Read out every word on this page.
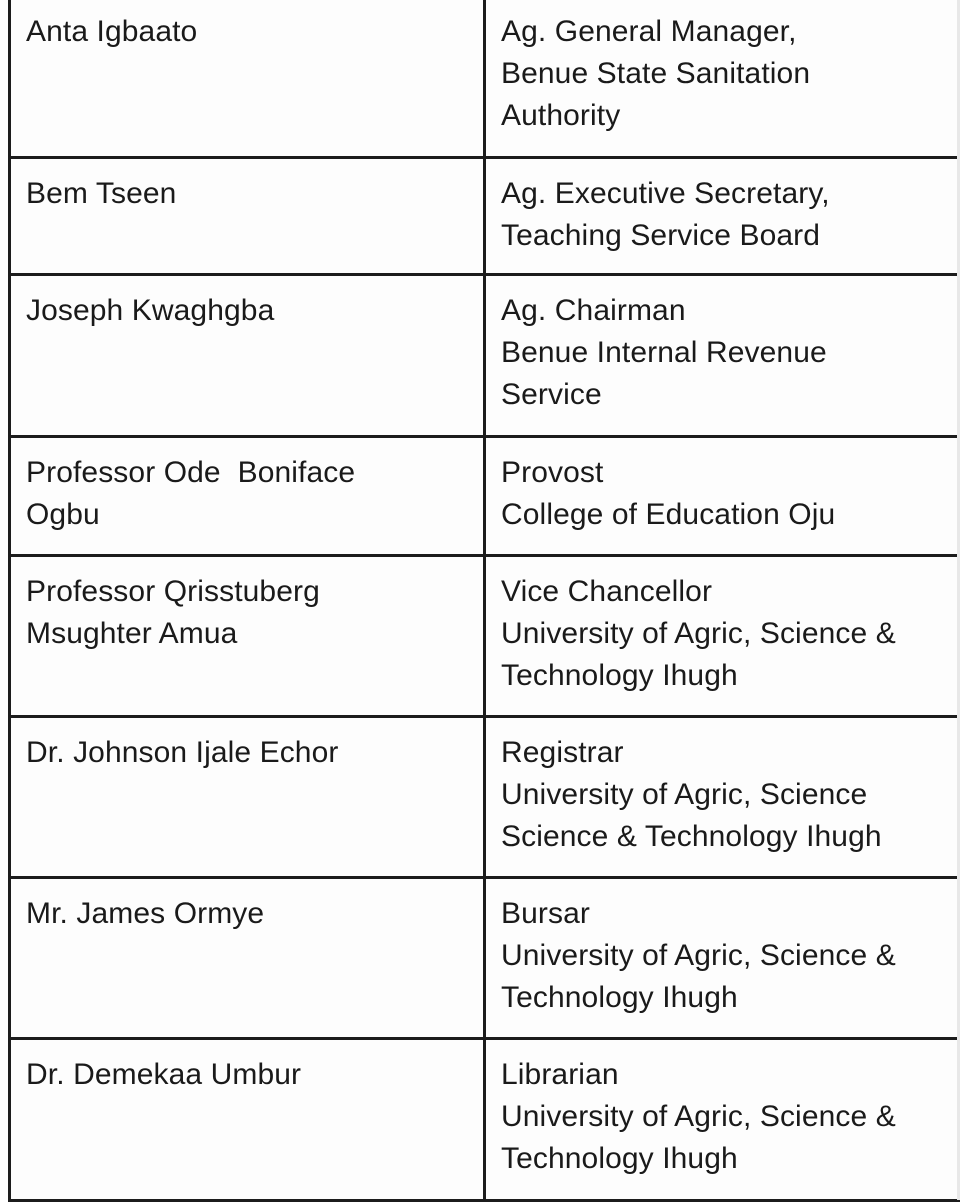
Anta Igbaato	Ag. General Manager,
Benue State Sanitation
Authority

Bem Tseen	Ag. Executive Secretary,
Teaching Service Board

Joseph Kwaghgba	Ag. Chairman
Benue Internal Revenue
Service

Professor Ode  Boniface
Ogbu	Provost
College of Education Oju

Professor Qrisstuberg
Msughter Amua	Vice Chancellor
University of Agric, Science &
Technology Ihugh

Dr. Johnson Ijale Echor	Registrar
University of Agric, Science
Science & Technology Ihugh

Mr. James Ormye	Bursar
University of Agric, Science &
Technology Ihugh

Dr. Demekaa Umbur	Librarian
University of Agric, Science &
Technology Ihugh
